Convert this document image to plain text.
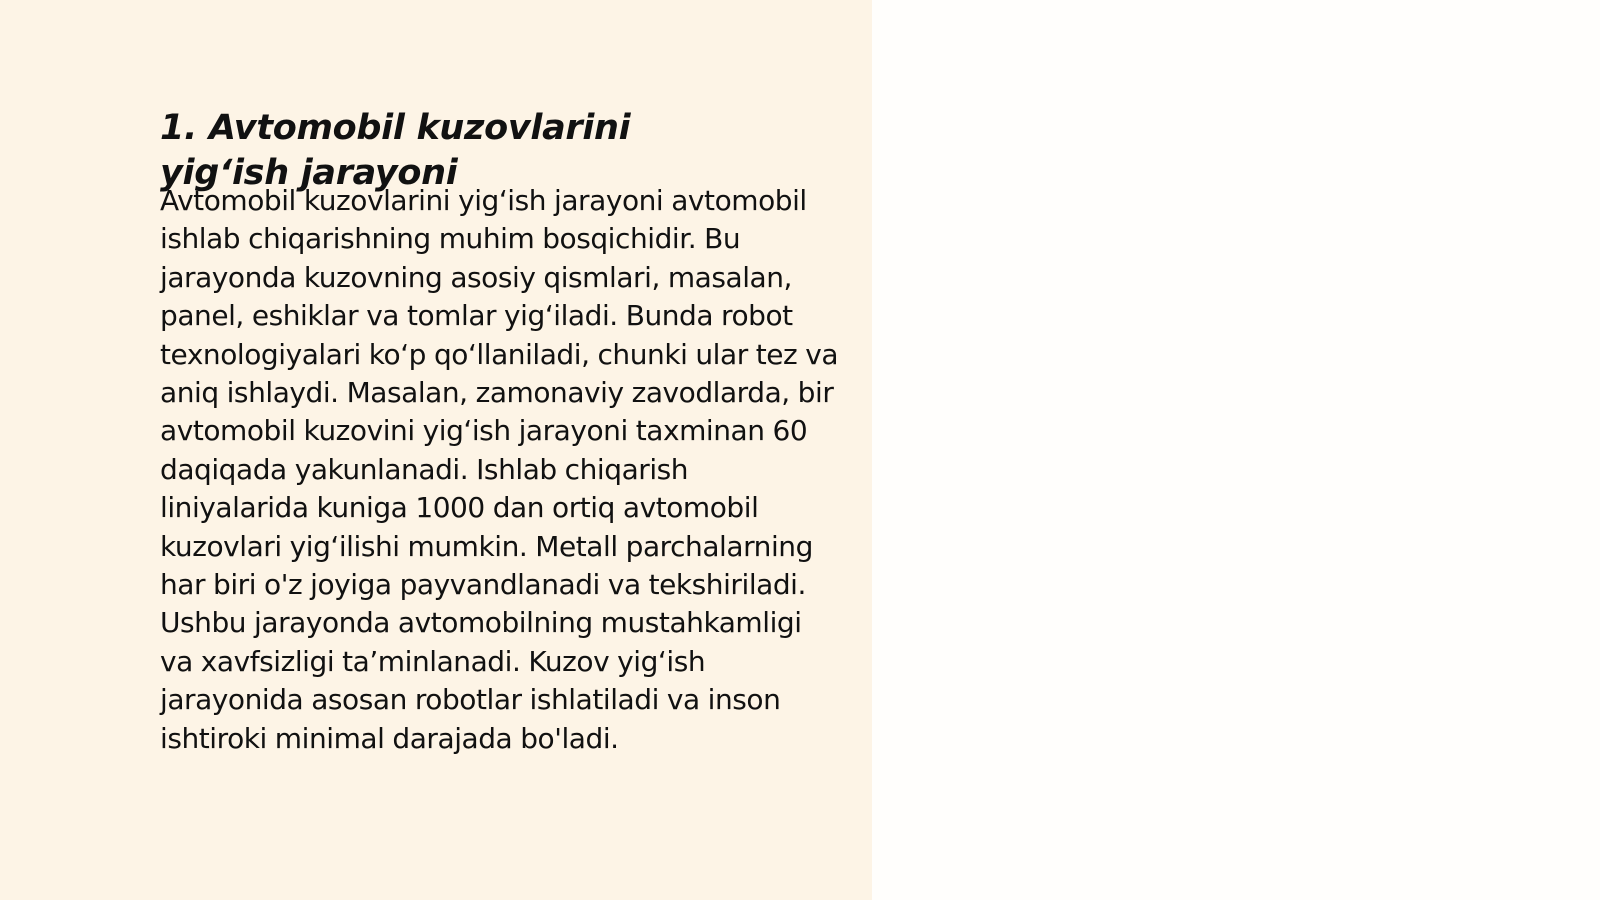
1. Avtomobil kuzovlarini yig‘ish jarayoni

Avtomobil kuzovlarini yig‘ish jarayoni avtomobil ishlab chiqarishning muhim bosqichidir. Bu jarayonda kuzovning asosiy qismlari, masalan, panel, eshiklar va tomlar yig‘iladi. Bunda robot texnologiyalari ko‘p qo‘llaniladi, chunki ular tez va aniq ishlaydi. Masalan, zamonaviy zavodlarda, bir avtomobil kuzovini yig‘ish jarayoni taxminan 60 daqiqada yakunlanadi. Ishlab chiqarish liniyalarida kuniga 1000 dan ortiq avtomobil kuzovlari yig‘ilishi mumkin. Metall parchalarning har biri o'z joyiga payvandlanadi va tekshiriladi. Ushbu jarayonda avtomobilning mustahkamligi va xavfsizligi ta’minlanadi. Kuzov yig‘ish jarayonida asosan robotlar ishlatiladi va inson ishtiroki minimal darajada bo'ladi.
